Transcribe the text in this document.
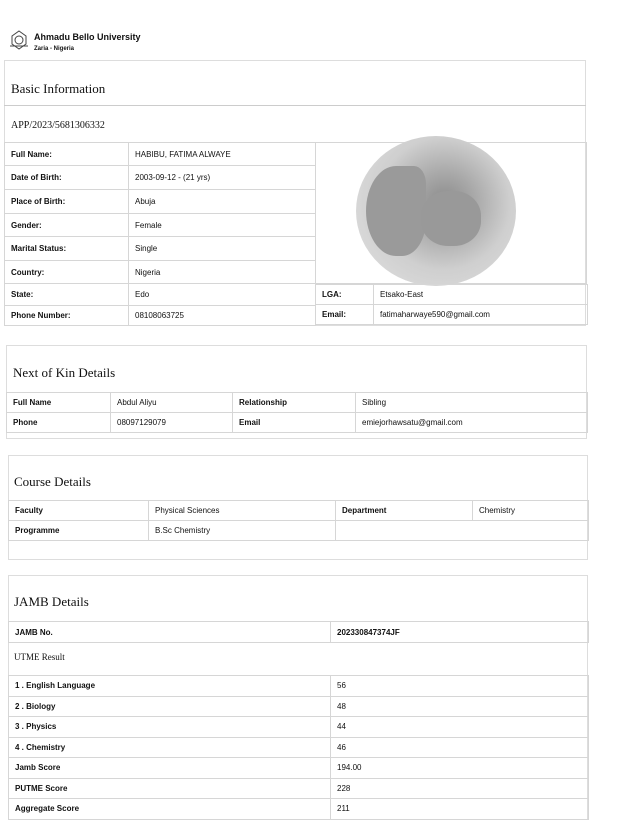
Ahmadu Bello University
Zaria - Nigeria
Basic Information
APP/2023/5681306332
Full Name:	HABIBU, FATIMA ALWAYE
Date of Birth:	2003-09-12 - (21 yrs)
Place of Birth:	Abuja
Gender:	Female
Marital Status:	Single
Country:	Nigeria
State:	Edo
Phone Number:	08108063725
LGA:	Etsako-East
Email:	fatimaharwaye590@gmail.com
Next of Kin Details
Full Name	Abdul Aliyu	Relationship	Sibling
Phone	08097129079	Email	emiejorhawsatu@gmail.com
Course Details
Faculty	Physical Sciences	Department	Chemistry
Programme	B.Sc Chemistry		
JAMB Details
JAMB No.	202330847374JF
UTME Result
1 . English Language	56
2 . Biology	48
3 . Physics	44
4 . Chemistry	46
Jamb Score	194.00
PUTME Score	228
Aggregate Score	211
